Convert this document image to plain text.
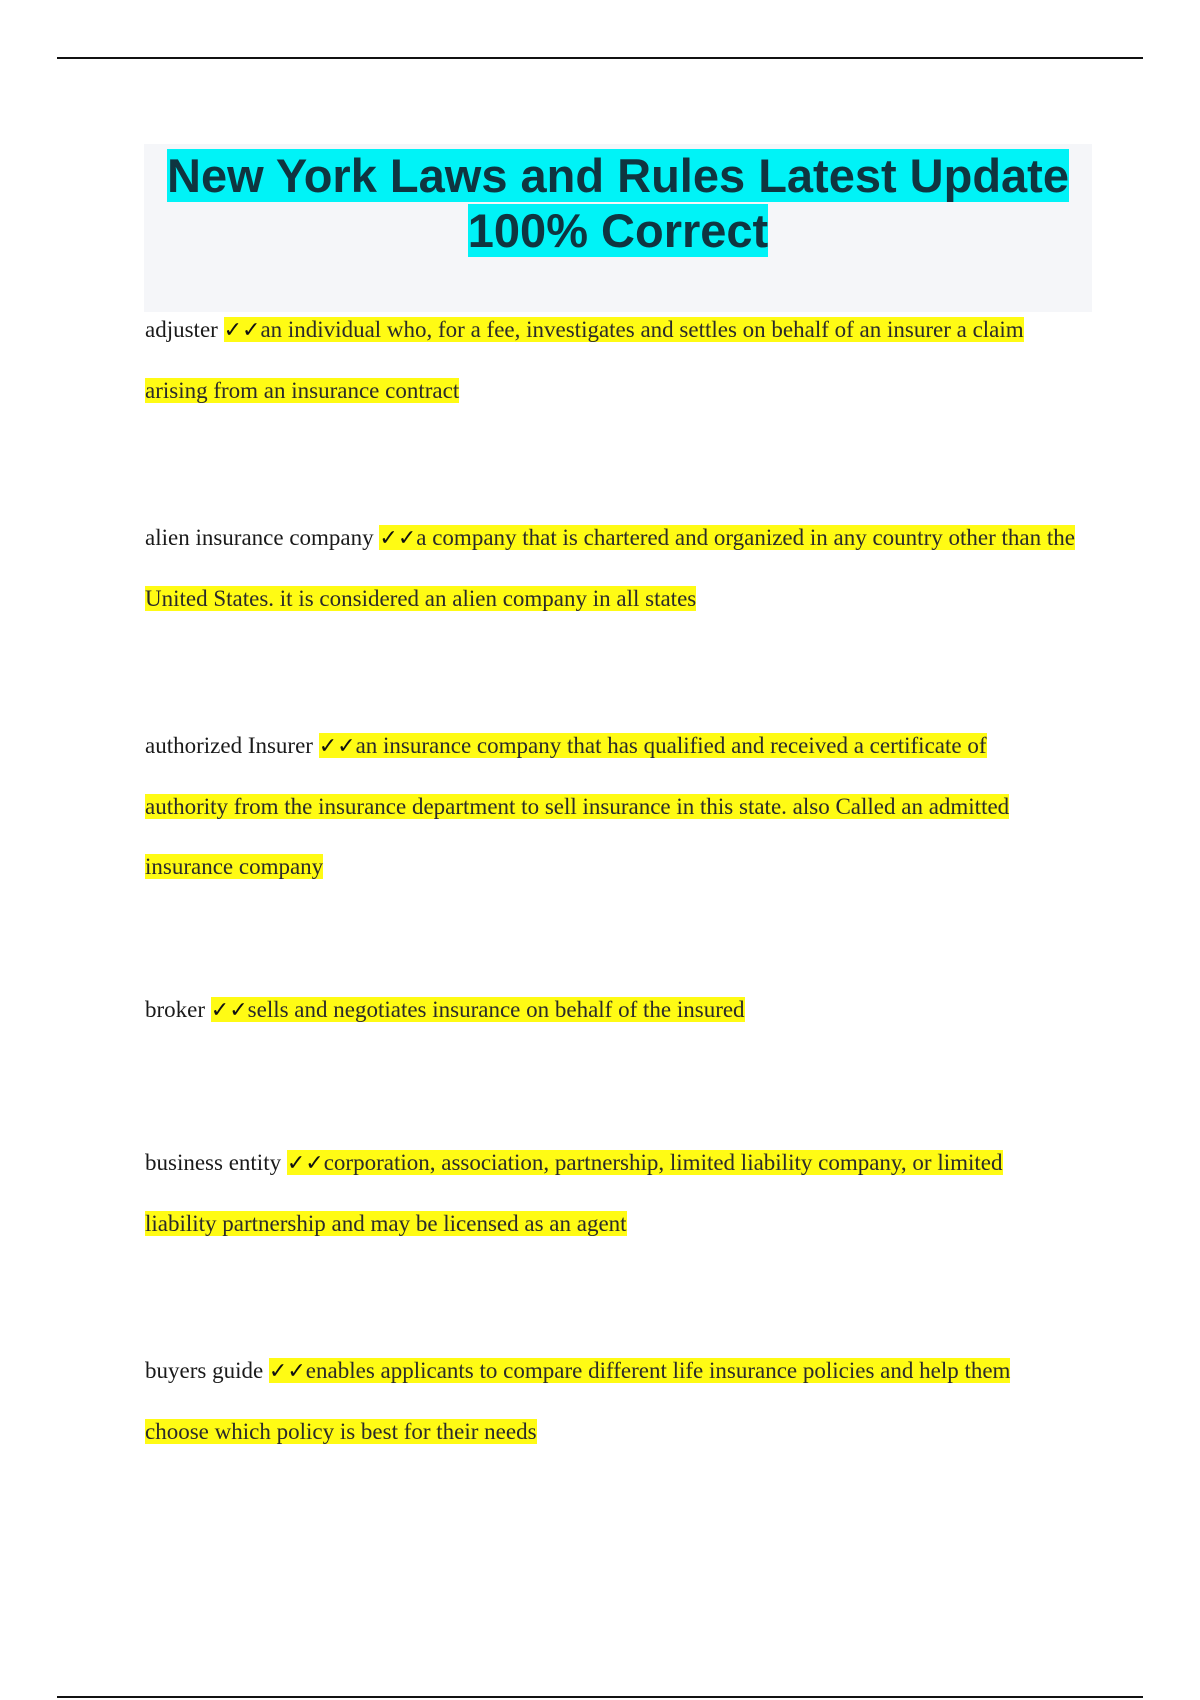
New York Laws and Rules Latest Update 100% Correct

adjuster ✓✓an individual who, for a fee, investigates and settles on behalf of an insurer a claim arising from an insurance contract

alien insurance company ✓✓a company that is chartered and organized in any country other than the United States. it is considered an alien company in all states

authorized Insurer ✓✓an insurance company that has qualified and received a certificate of authority from the insurance department to sell insurance in this state. also Called an admitted insurance company

broker ✓✓sells and negotiates insurance on behalf of the insured

business entity ✓✓corporation, association, partnership, limited liability company, or limited liability partnership and may be licensed as an agent

buyers guide ✓✓enables applicants to compare different life insurance policies and help them choose which policy is best for their needs
